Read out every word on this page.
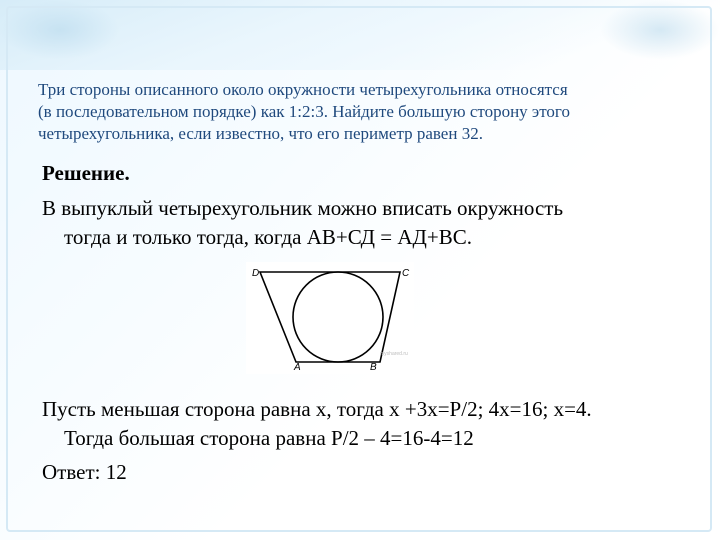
Три стороны описанного около окружности четырехугольника относятся
(в последовательном порядке) как 1:2:3. Найдите большую сторону этого
четырехугольника, если известно, что его периметр равен 32.
Решение.
В выпуклый четырехугольник можно вписать окружность
тогда и только тогда, когда АВ+СД = АД+ВС.
D	C
B
A
myshared.ru
Пусть меньшая сторона равна х, тогда х +3х=Р/2; 4х=16; х=4.
Тогда большая сторона равна Р/2 – 4=16-4=12
Ответ: 12
